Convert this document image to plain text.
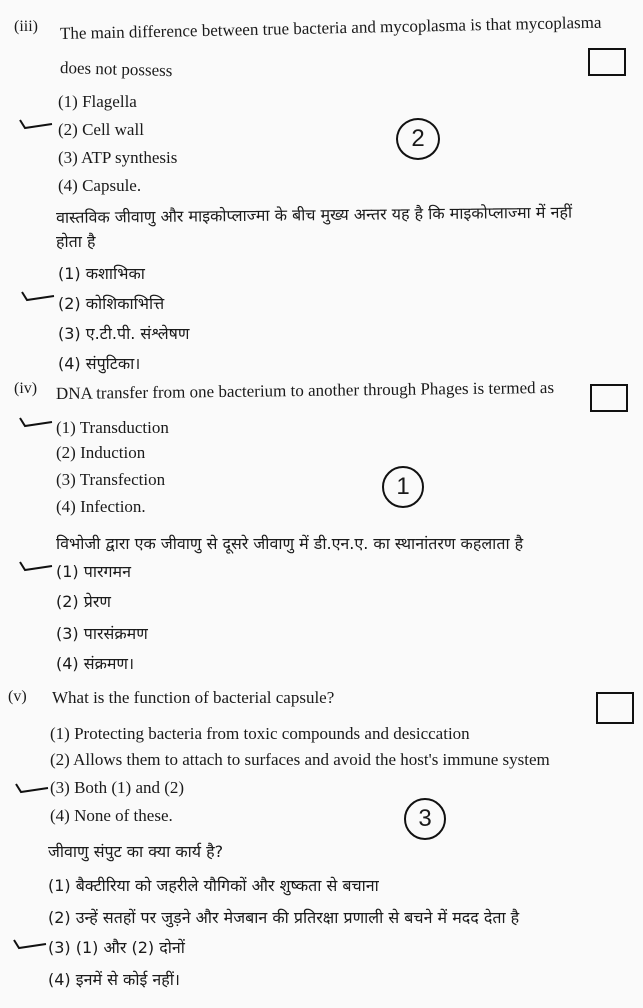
(iii) The main difference between true bacteria and mycoplasma is that mycoplasma
does not possess
(1) Flagella
(2) Cell wall
(3) ATP synthesis
(4) Capsule.
2
वास्तविक जीवाणु और माइकोप्लाज्मा के बीच मुख्य अन्तर यह है कि माइकोप्लाज्मा में नहीं
होता है
(1) कशाभिका
(2) कोशिकाभित्ति
(3) ए.टी.पी. संश्लेषण
(4) संपुटिका।
(iv) DNA transfer from one bacterium to another through Phages is termed as
(1) Transduction
(2) Induction
(3) Transfection
(4) Infection.
1
विभोजी द्वारा एक जीवाणु से दूसरे जीवाणु में डी.एन.ए. का स्थानांतरण कहलाता है
(1) पारगमन
(2) प्रेरण
(3) पारसंक्रमण
(4) संक्रमण।
(v) What is the function of bacterial capsule?
(1) Protecting bacteria from toxic compounds and desiccation
(2) Allows them to attach to surfaces and avoid the host's immune system
(3) Both (1) and (2)
(4) None of these.	3
जीवाणु संपुट का क्या कार्य है?
(1) बैक्टीरिया को जहरीले यौगिकों और शुष्कता से बचाना
(2) उन्हें सतहों पर जुड़ने और मेजबान की प्रतिरक्षा प्रणाली से बचने में मदद देता है
(3) (1) और (2) दोनों
(4) इनमें से कोई नहीं।
